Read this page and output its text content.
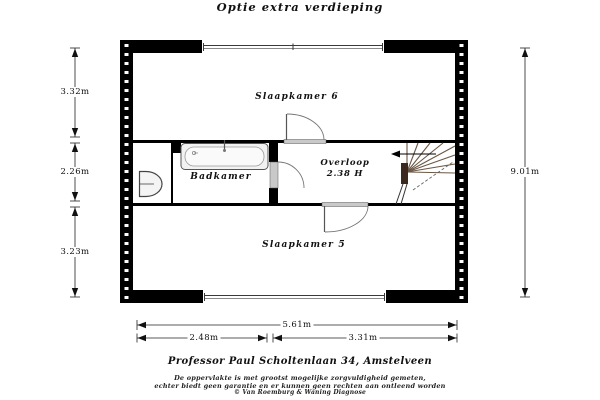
Optie extra verdieping
Slaapkamer 6
Badkamer
Overloop
2.38 H
Slaapkamer 5
3.32m
2.26m
3.23m
9.01m
5.61m
2.48m	3.31m
Professor Paul Scholtenlaan 34, Amstelveen
De oppervlakte is met grootst mogelijke zorgvuldigheid gemeten,
echter biedt geen garantie en er kunnen geen rechten aan ontleend worden
© Van Roemburg & Waning Diagnose
